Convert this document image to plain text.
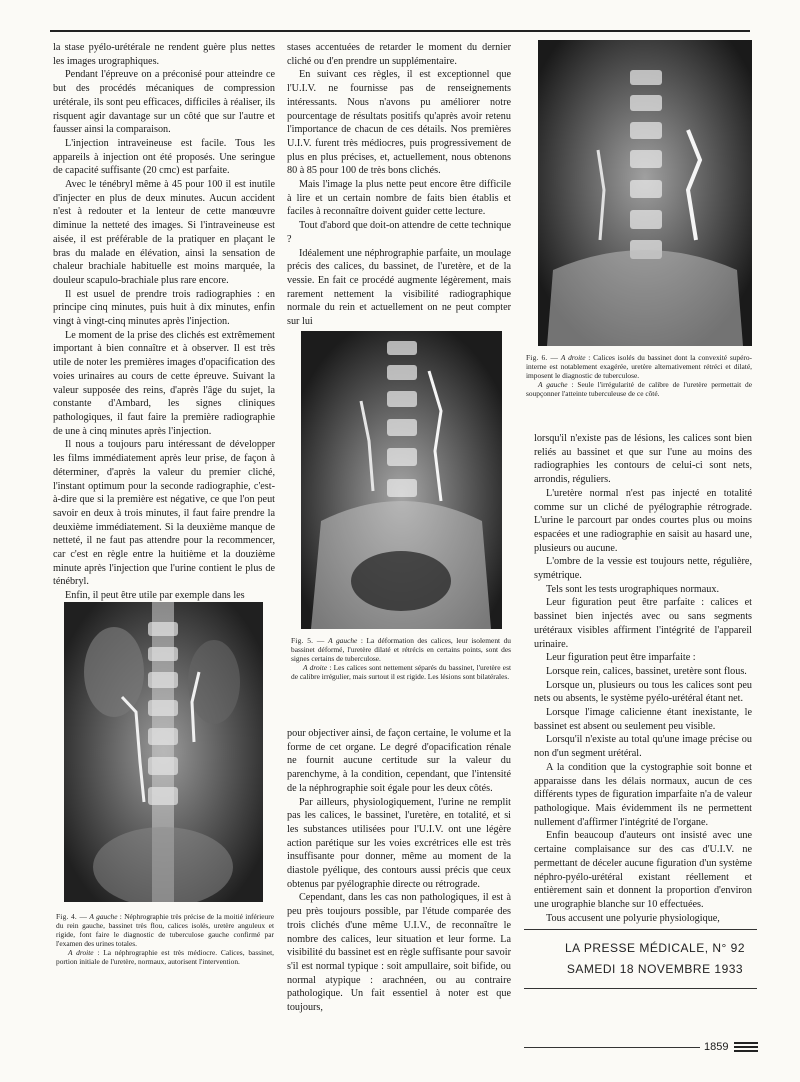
la stase pyélo-urétérale ne rendent guère plus nettes les images urographiques.

Pendant l'épreuve on a préconisé pour atteindre ce but des procédés mécaniques de compression urétérale, ils sont peu efficaces, difficiles à réaliser, ils risquent agir davantage sur un côté que sur l'autre et fausser ainsi la comparaison.

L'injection intraveineuse est facile. Tous les appareils à injection ont été proposés. Une seringue de capacité suffisante (20 cmc) est parfaite.

Avec le ténébryl même à 45 pour 100 il est inutile d'injecter en plus de deux minutes. Aucun accident n'est à redouter et la lenteur de cette manœuvre diminue la netteté des images. Si l'intraveineuse est aisée, il est préférable de la pratiquer en plaçant le bras du malade en élévation, ainsi la sensation de chaleur brachiale habituelle est moins marquée, la douleur scapulo-brachiale plus rare encore.

Il est usuel de prendre trois radiographies : en principe cinq minutes, puis huit à dix minutes, enfin vingt à vingt-cinq minutes après l'injection.

Le moment de la prise des clichés est extrêmement important à bien connaître et à observer. Il est très utile de noter les premières images d'opacification des voies urinaires au cours de cette épreuve. Suivant la valeur supposée des reins, d'après l'âge du sujet, la constante d'Ambard, les signes cliniques pathologiques, il faut faire la première radiographie de une à cinq minutes après l'injection.

Il nous a toujours paru intéressant de développer les films immédiatement après leur prise, de façon à déterminer, d'après la valeur du premier cliché, l'instant optimum pour la seconde radiographie, c'est-à-dire que si la première est négative, ce que l'on peut savoir en deux à trois minutes, il faut faire prendre la deuxième immédiatement. Si la deuxième manque de netteté, il ne faut pas attendre pour la recommencer, car c'est en règle entre la huitième et la douzième minute après l'injection que l'urine contient le plus de ténébryl.

Enfin, il peut être utile par exemple dans les

Fig. 4. — A gauche : Néphrographie très précise de la moitié inférieure du rein gauche, bassinet très flou, calices isolés, uretère anguleux et rigide, font faire le diagnostic de tuberculose gauche confirmé par l'examen des urines totales.

A droite : La néphrographie est très médiocre. Calices, bassinet, portion initiale de l'uretère, normaux, autorisent l'intervention.

stases accentuées de retarder le moment du dernier cliché ou d'en prendre un supplémentaire.

En suivant ces règles, il est exceptionnel que l'U.I.V. ne fournisse pas de renseignements intéressants. Nous n'avons pu améliorer notre pourcentage de résultats positifs qu'après avoir retenu l'importance de chacun de ces détails. Nos premières U.I.V. furent très médiocres, puis progressivement de plus en plus précises, et, actuellement, nous obtenons 80 à 85 pour 100 de très bons clichés.

Mais l'image la plus nette peut encore être difficile à lire et un certain nombre de faits bien établis et faciles à reconnaître doivent guider cette lecture.

Tout d'abord que doit-on attendre de cette technique ?

Idéalement une néphrographie parfaite, un moulage précis des calices, du bassinet, de l'uretère, et de la vessie. En fait ce procédé augmente légèrement, mais rarement nettement la visibilité radiographique normale du rein et actuellement on ne peut compter sur lui

Fig. 5. — A gauche : La déformation des calices, leur isolement du bassinet déformé, l'uretère dilaté et rétrécis en certains points, sont des signes certains de tuberculose.

A droite : Les calices sont nettement séparés du bassinet, l'uretère est de calibre irrégulier, mais surtout il est rigide. Les lésions sont bilatérales.

pour objectiver ainsi, de façon certaine, le volume et la forme de cet organe. Le degré d'opacification rénale ne fournit aucune certitude sur la valeur du parenchyme, à la condition, cependant, que l'intensité de la néphrographie soit égale pour les deux côtés.

Par ailleurs, physiologiquement, l'urine ne remplit pas les calices, le bassinet, l'uretère, en totalité, et si les substances utilisées pour l'U.I.V. ont une légère action parétique sur les voies excrétrices elle est très insuffisante pour donner, même au moment de la diastole pyélique, des contours aussi précis que ceux obtenus par pyélographie directe ou rétrograde.

Cependant, dans les cas non pathologiques, il est à peu près toujours possible, par l'étude comparée des trois clichés d'une même U.I.V., de reconnaître le nombre des calices, leur situation et leur forme. La visibilité du bassinet est en règle suffisante pour savoir s'il est normal typique : soit ampullaire, soit bifide, ou normal atypique : arachnéen, ou au contraire pathologique. Un fait essentiel à noter est que toujours,

Fig. 6. — A droite : Calices isolés du bassinet dont la convexité supéro-interne est notablement exagérée, uretère alternativement rétréci et dilaté, imposent le diagnostic de tuberculose.

A gauche : Seule l'irrégularité de calibre de l'uretère permettait de soupçonner l'atteinte tuberculeuse de ce côté.

lorsqu'il n'existe pas de lésions, les calices sont bien reliés au bassinet et que sur l'une au moins des radiographies les contours de celui-ci sont nets, arrondis, réguliers.

L'uretère normal n'est pas injecté en totalité comme sur un cliché de pyélographie rétrograde. L'urine le parcourt par ondes courtes plus ou moins espacées et une radiographie en saisit au hasard une, plusieurs ou aucune.

L'ombre de la vessie est toujours nette, régulière, symétrique.

Tels sont les tests urographiques normaux.

Leur figuration peut être parfaite : calices et bassinet bien injectés avec ou sans segments urétéraux visibles affirment l'intégrité de l'appareil urinaire.

Leur figuration peut être imparfaite :

Lorsque rein, calices, bassinet, uretère sont flous.

Lorsque un, plusieurs ou tous les calices sont peu nets ou absents, le système pyélo-urétéral étant net.

Lorsque l'image calicienne étant inexistante, le bassinet est absent ou seulement peu visible.

Lorsqu'il n'existe au total qu'une image précise ou non d'un segment urétéral.

A la condition que la cystographie soit bonne et apparaisse dans les délais normaux, aucun de ces différents types de figuration imparfaite n'a de valeur pathologique. Mais évidemment ils ne permettent nullement d'affirmer l'intégrité de l'organe.

Enfin beaucoup d'auteurs ont insisté avec une certaine complaisance sur des cas d'U.I.V. ne permettant de déceler aucune figuration d'un système néphro-pyélo-urétéral existant réellement et entièrement sain et donnent la proportion d'environ une urographie blanche sur 10 effectuées.

Tous accusent une polyurie physiologique,

LA PRESSE MÉDICALE, N° 92
SAMEDI 18 NOVEMBRE 1933
1859
